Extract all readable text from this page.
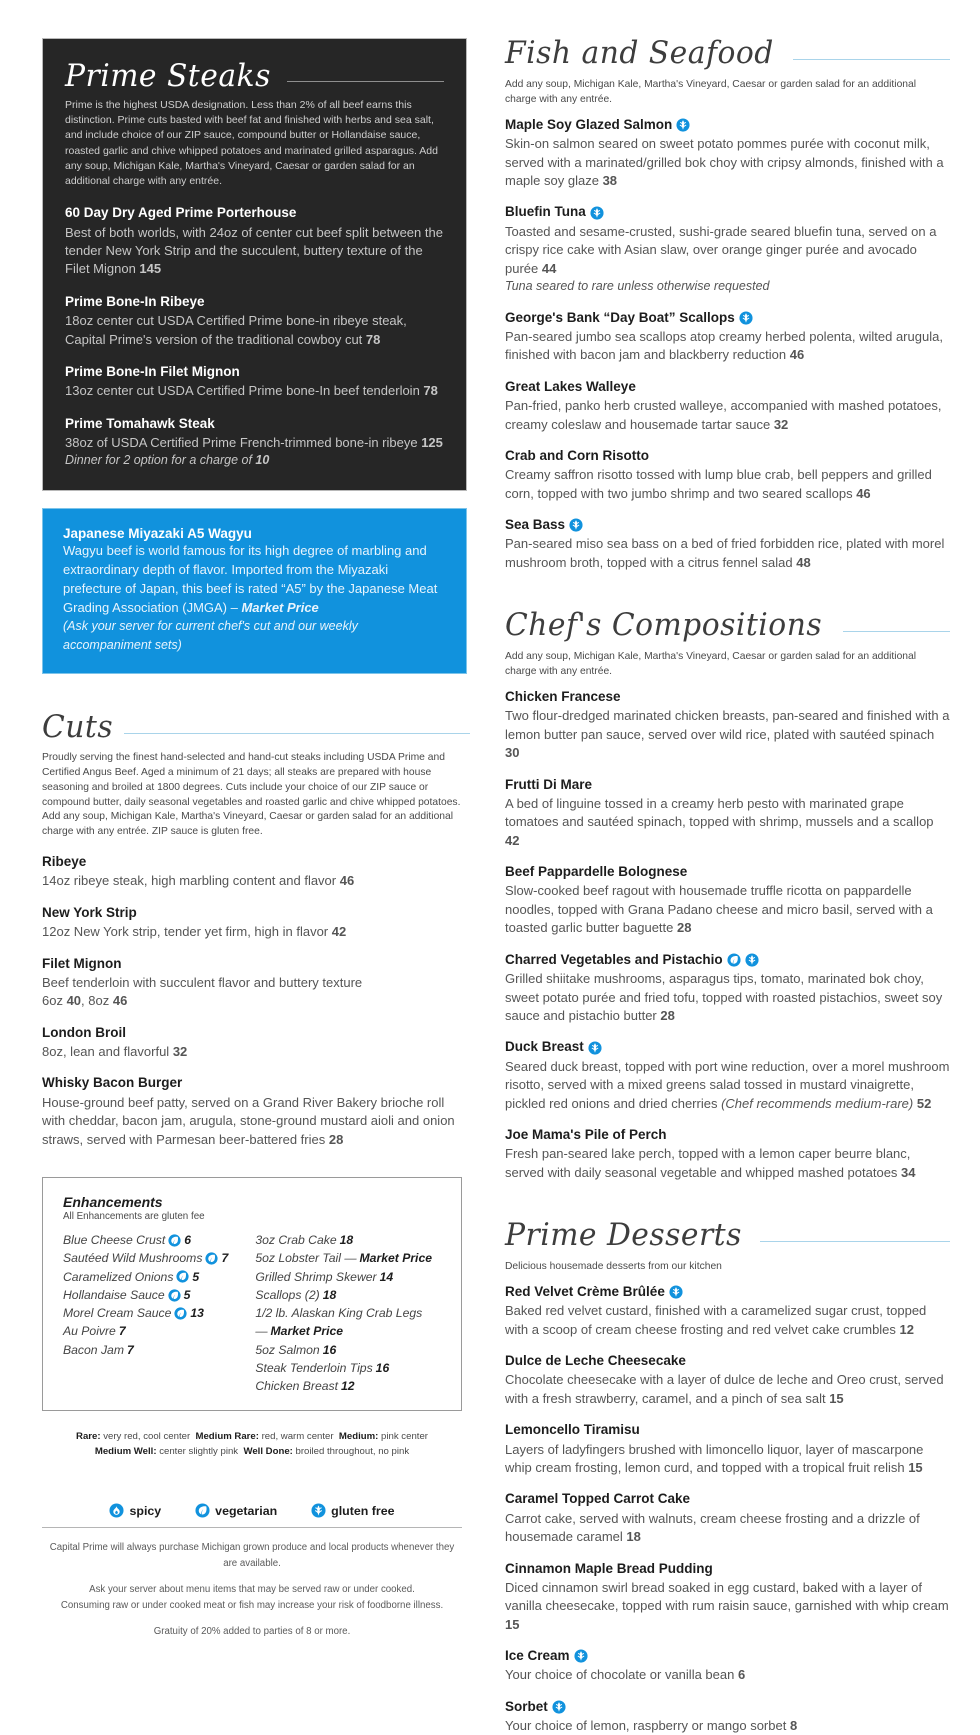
Prime Steaks
Prime is the highest USDA designation. Less than 2% of all beef earns this distinction. Prime cuts basted with beef fat and finished with herbs and sea salt, and include choice of our ZIP sauce, compound butter or Hollandaise sauce, roasted garlic and chive whipped potatoes and marinated grilled asparagus. Add any soup, Michigan Kale, Martha's Vineyard, Caesar or garden salad for an additional charge with any entrée.
60 Day Dry Aged Prime Porterhouse
Best of both worlds, with 24oz of center cut beef split between the tender New York Strip and the succulent, buttery texture of the Filet Mignon 145
Prime Bone-In Ribeye
18oz center cut USDA Certified Prime bone-in ribeye steak, Capital Prime's version of the traditional cowboy cut 78
Prime Bone-In Filet Mignon
13oz center cut USDA Certified Prime bone-In beef tenderloin 78
Prime Tomahawk Steak
38oz of USDA Certified Prime French-trimmed bone-in ribeye 125
Dinner for 2 option for a charge of 10
Japanese Miyazaki A5 Wagyu
Wagyu beef is world famous for its high degree of marbling and extraordinary depth of flavor. Imported from the Miyazaki prefecture of Japan, this beef is rated “A5” by the Japanese Meat Grading Association (JMGA) – Market Price
(Ask your server for current chef's cut and our weekly accompaniment sets)
Cuts
Proudly serving the finest hand-selected and hand-cut steaks including USDA Prime and Certified Angus Beef. Aged a minimum of 21 days; all steaks are prepared with house seasoning and broiled at 1800 degrees. Cuts include your choice of our ZIP sauce or compound butter, daily seasonal vegetables and roasted garlic and chive whipped potatoes. Add any soup, Michigan Kale, Martha's Vineyard, Caesar or garden salad for an additional charge with any entrée. ZIP sauce is gluten free.
Ribeye
14oz ribeye steak, high marbling content and flavor 46
New York Strip
12oz New York strip, tender yet firm, high in flavor 42
Filet Mignon
Beef tenderloin with succulent flavor and buttery texture
6oz 40, 8oz 46
London Broil
8oz, lean and flavorful 32
Whisky Bacon Burger
House-ground beef patty, served on a Grand River Bakery brioche roll with cheddar, bacon jam, arugula, stone-ground mustard aioli and onion straws, served with Parmesan beer-battered fries 28
Enhancements
All Enhancements are gluten fee
Blue Cheese Crust 6
Sautéed Wild Mushrooms 7
Caramelized Onions 5
Hollandaise Sauce 5
Morel Cream Sauce 13
Au Poivre 7
Bacon Jam 7
3oz Crab Cake 18
5oz Lobster Tail — Market Price
Grilled Shrimp Skewer 14
Scallops (2) 18
1/2 lb. Alaskan King Crab Legs
— Market Price
5oz Salmon 16
Steak Tenderloin Tips 16
Chicken Breast 12
Rare: very red, cool center Medium Rare: red, warm center Medium: pink center
Medium Well: center slightly pink Well Done: broiled throughout, no pink
spicy	vegetarian	gluten free

Capital Prime will always purchase Michigan grown produce and local products whenever they are available.

Ask your server about menu items that may be served raw or under cooked.
Consuming raw or under cooked meat or fish may increase your risk of foodborne illness.

Gratuity of 20% added to parties of 8 or more.

Fish and Seafood
Add any soup, Michigan Kale, Martha's Vineyard, Caesar or garden salad for an additional charge with any entrée.
Maple Soy Glazed Salmon
Skin-on salmon seared on sweet potato pommes purée with coconut milk, served with a marinated/grilled bok choy with cripsy almonds, finished with a maple soy glaze 38
Bluefin Tuna
Toasted and sesame-crusted, sushi-grade seared bluefin tuna, served on a crispy rice cake with Asian slaw, over orange ginger purée and avocado purée 44
Tuna seared to rare unless otherwise requested
George's Bank “Day Boat” Scallops
Pan-seared jumbo sea scallops atop creamy herbed polenta, wilted arugula, finished with bacon jam and blackberry reduction 46
Great Lakes Walleye
Pan-fried, panko herb crusted walleye, accompanied with mashed potatoes, creamy coleslaw and housemade tartar sauce 32
Crab and Corn Risotto
Creamy saffron risotto tossed with lump blue crab, bell peppers and grilled corn, topped with two jumbo shrimp and two seared scallops 46
Sea Bass
Pan-seared miso sea bass on a bed of fried forbidden rice, plated with morel mushroom broth, topped with a citrus fennel salad 48
Chef's Compositions
Add any soup, Michigan Kale, Martha's Vineyard, Caesar or garden salad for an additional charge with any entrée.
Chicken Francese
Two flour-dredged marinated chicken breasts, pan-seared and finished with a lemon butter pan sauce, served over wild rice, plated with sautéed spinach 30
Frutti Di Mare
A bed of linguine tossed in a creamy herb pesto with marinated grape tomatoes and sautéed spinach, topped with shrimp, mussels and a scallop 42
Beef Pappardelle Bolognese
Slow-cooked beef ragout with housemade truffle ricotta on pappardelle noodles, topped with Grana Padano cheese and micro basil, served with a toasted garlic butter baguette 28
Charred Vegetables and Pistachio
Grilled shiitake mushrooms, asparagus tips, tomato, marinated bok choy, sweet potato purée and fried tofu, topped with roasted pistachios, sweet soy sauce and pistachio butter 28
Duck Breast
Seared duck breast, topped with port wine reduction, over a morel mushroom risotto, served with a mixed greens salad tossed in mustard vinaigrette, pickled red onions and dried cherries (Chef recommends medium-rare) 52
Joe Mama's Pile of Perch
Fresh pan-seared lake perch, topped with a lemon caper beurre blanc, served with daily seasonal vegetable and whipped mashed potatoes 34
Prime Desserts
Delicious housemade desserts from our kitchen
Red Velvet Crème Brûlée
Baked red velvet custard, finished with a caramelized sugar crust, topped with a scoop of cream cheese frosting and red velvet cake crumbles 12
Dulce de Leche Cheesecake
Chocolate cheesecake with a layer of dulce de leche and Oreo crust, served with a fresh strawberry, caramel, and a pinch of sea salt 15
Lemoncello Tiramisu
Layers of ladyfingers brushed with limoncello liquor, layer of mascarpone whip cream frosting, lemon curd, and topped with a tropical fruit relish 15
Caramel Topped Carrot Cake
Carrot cake, served with walnuts, cream cheese frosting and a drizzle of housemade caramel 18
Cinnamon Maple Bread Pudding
Diced cinnamon swirl bread soaked in egg custard, baked with a layer of vanilla cheesecake, topped with rum raisin sauce, garnished with whip cream 15
Ice Cream
Your choice of chocolate or vanilla bean 6
Sorbet
Your choice of lemon, raspberry or mango sorbet 8
